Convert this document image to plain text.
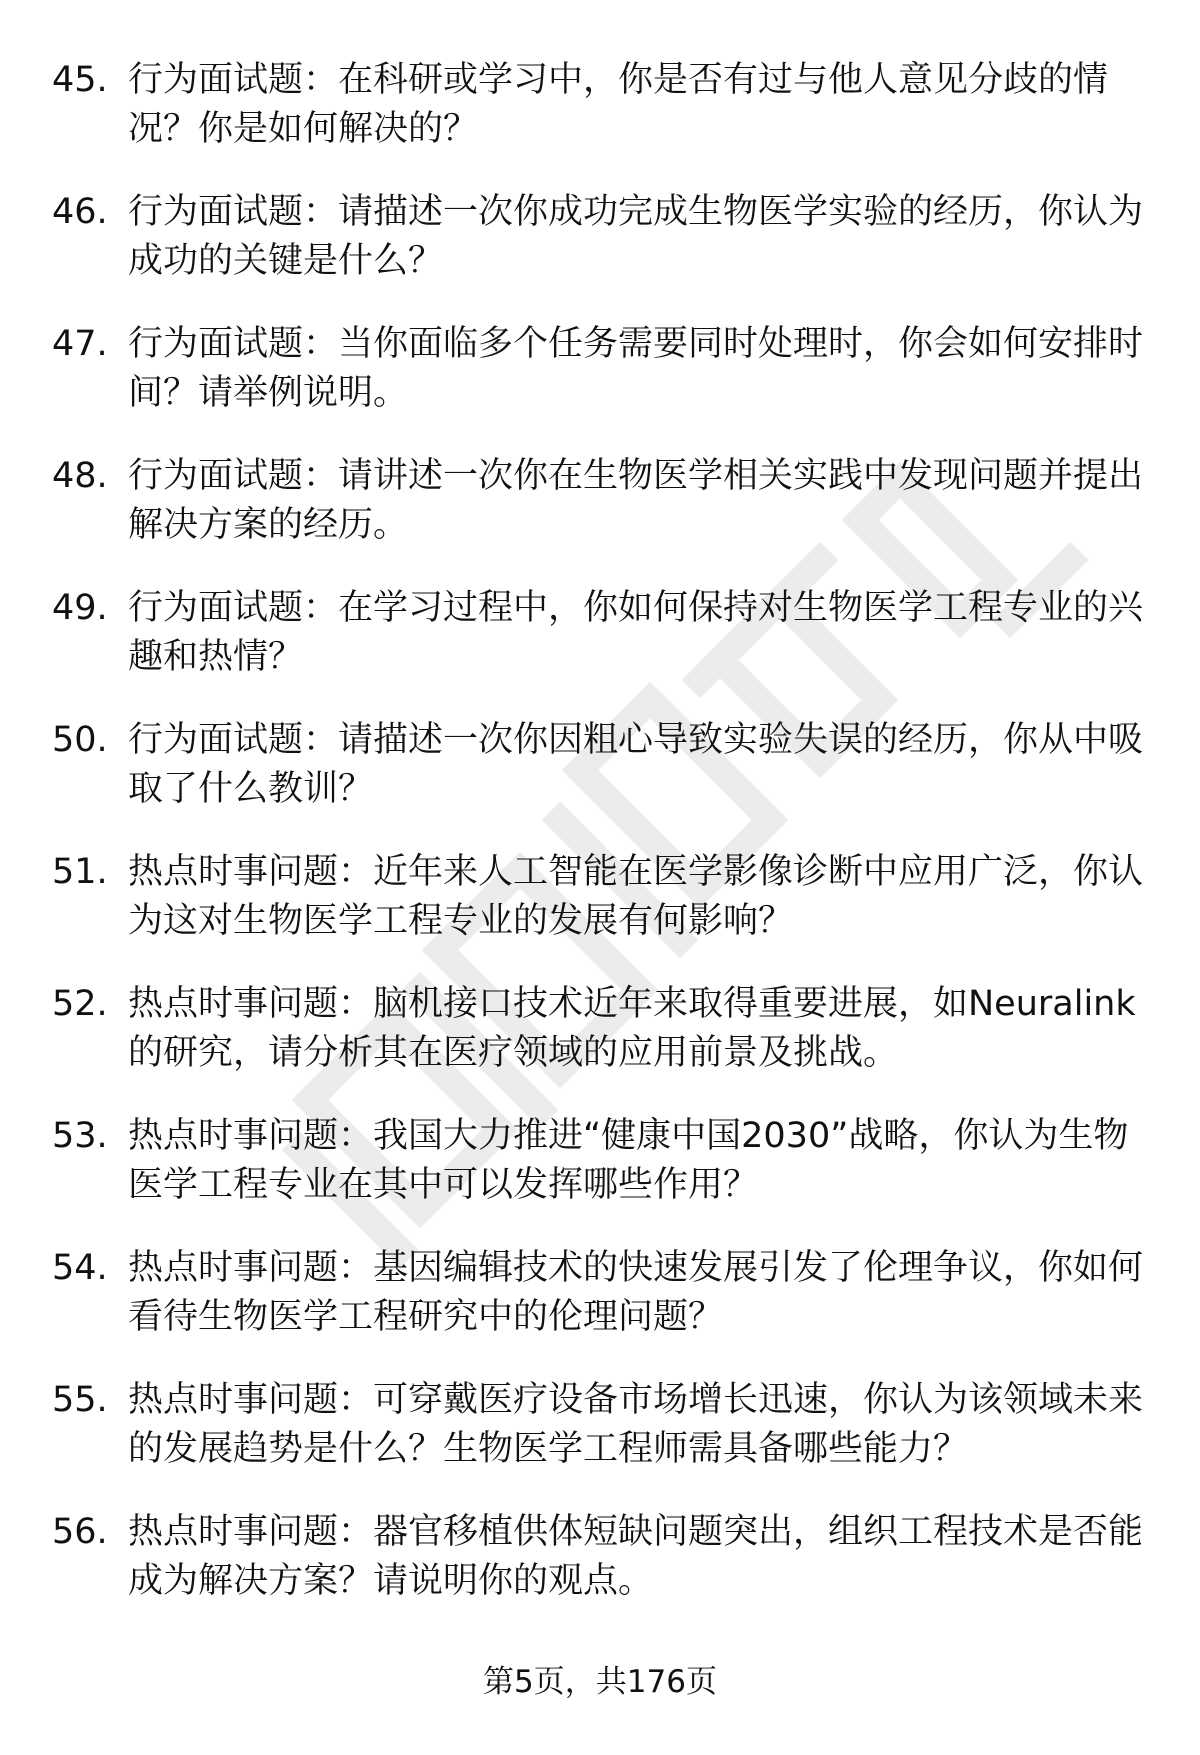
45. 行为面试题：在科研或学习中，你是否有过与他人意见分歧的情况？你是如何解决的？
46. 行为面试题：请描述一次你成功完成生物医学实验的经历，你认为成功的关键是什么？
47. 行为面试题：当你面临多个任务需要同时处理时，你会如何安排时间？请举例说明。
48. 行为面试题：请讲述一次你在生物医学相关实践中发现问题并提出解决方案的经历。
49. 行为面试题：在学习过程中，你如何保持对生物医学工程专业的兴趣和热情？
50. 行为面试题：请描述一次你因粗心导致实验失误的经历，你从中吸取了什么教训？
51. 热点时事问题：近年来人工智能在医学影像诊断中应用广泛，你认为这对生物医学工程专业的发展有何影响？
52. 热点时事问题：脑机接口技术近年来取得重要进展，如Neuralink的研究，请分析其在医疗领域的应用前景及挑战。
53. 热点时事问题：我国大力推进“健康中国2030”战略，你认为生物医学工程专业在其中可以发挥哪些作用？
54. 热点时事问题：基因编辑技术的快速发展引发了伦理争议，你如何看待生物医学工程研究中的伦理问题？
55. 热点时事问题：可穿戴医疗设备市场增长迅速，你认为该领域未来的发展趋势是什么？生物医学工程师需具备哪些能力？
56. 热点时事问题：器官移植供体短缺问题突出，组织工程技术是否能成为解决方案？请说明你的观点。
第5页，共176页
